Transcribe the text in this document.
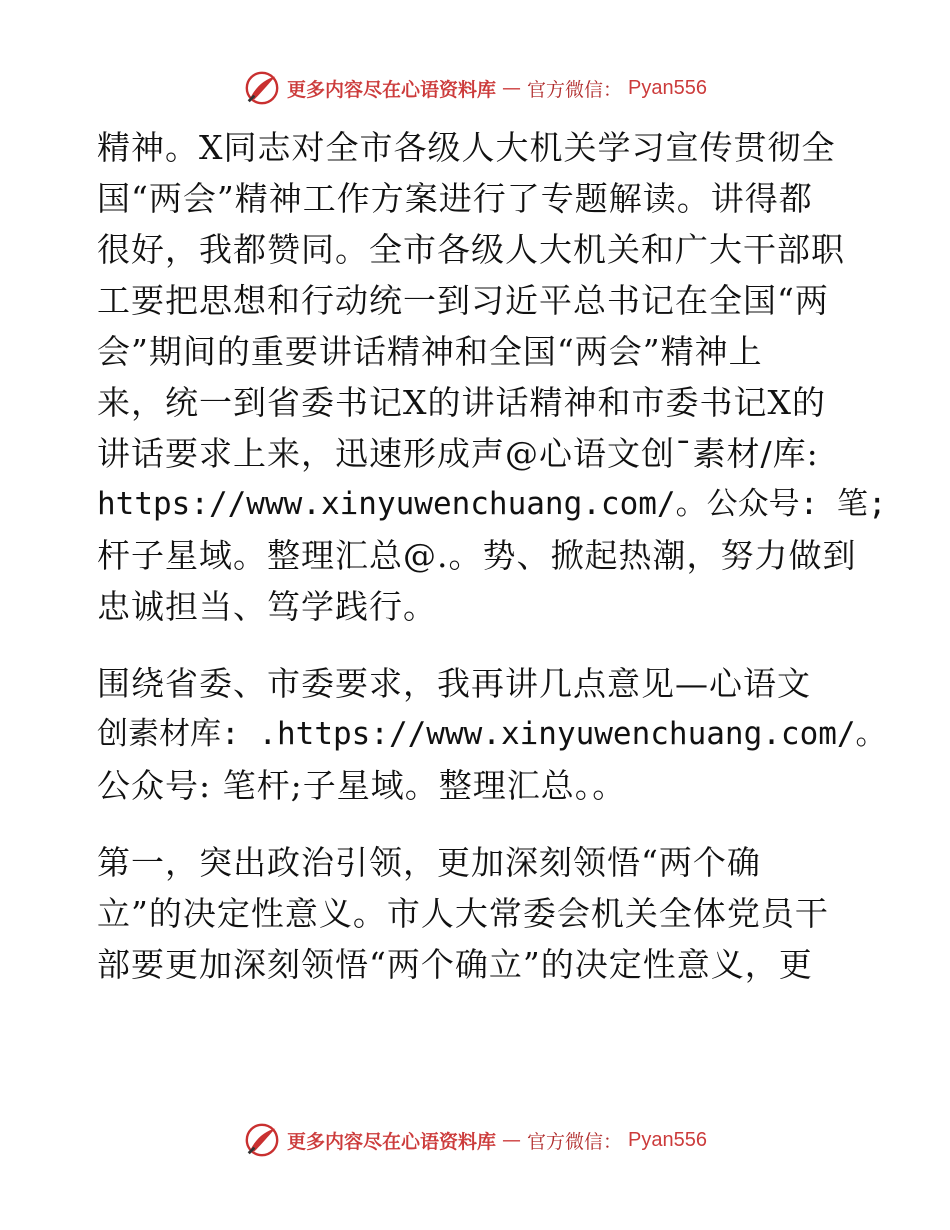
更多内容尽在心语资料库 — 官方微信： Pyan556
精神。X同志对全市各级人大机关学习宣传贯彻全
国“两会”精神工作方案进行了专题解读。讲得都
很好，我都赞同。全市各级人大机关和广大干部职
工要把思想和行动统一到习近平总书记在全国“两
会”期间的重要讲话精神和全国“两会”精神上
来，统一到省委书记X的讲话精神和市委书记X的
讲话要求上来，迅速形成声@心语文创¯素材/库:
https://www.xinyuwenchuang.com/。公众号: 笔;
杆子星域。整理汇总@.。势、掀起热潮，努力做到
忠诚担当、笃学践行。
围绕省委、市委要求，我再讲几点意见—心语文
创素材库: .https://www.xinyuwenchuang.com/。
公众号: 笔杆;子星域。整理汇总。。
第一，突出政治引领，更加深刻领悟“两个确
立”的决定性意义。市人大常委会机关全体党员干
部要更加深刻领悟“两个确立”的决定性意义，更
更多内容尽在心语资料库 — 官方微信： Pyan556
